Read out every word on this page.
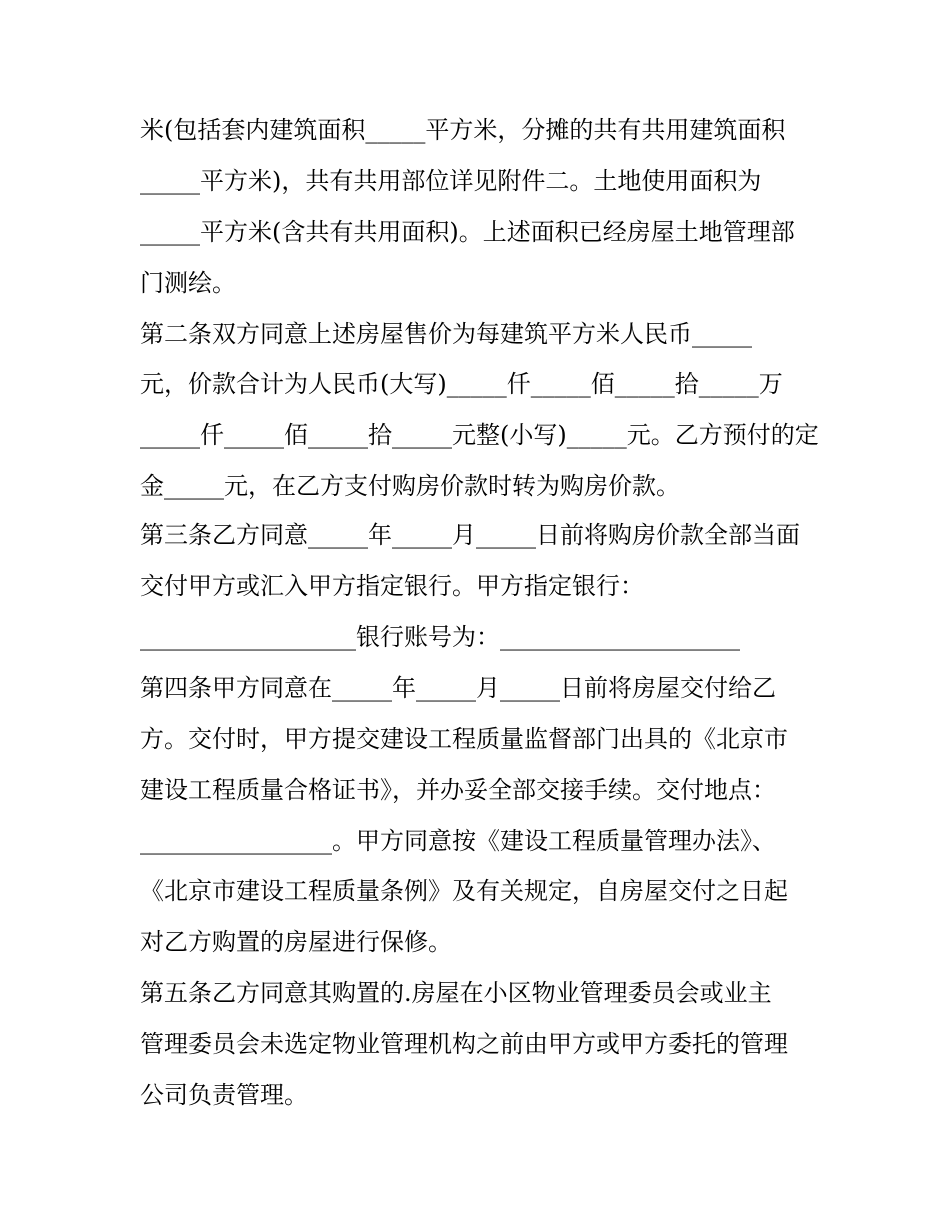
米(包括套内建筑面积_____平方米，分摊的共有共用建筑面积
_____平方米)，共有共用部位详见附件二。土地使用面积为
_____平方米(含共有共用面积)。上述面积已经房屋土地管理部
门测绘。
第二条双方同意上述房屋售价为每建筑平方米人民币_____
元，价款合计为人民币(大写)_____仟_____佰_____拾_____万
_____仟_____佰_____拾_____元整(小写)_____元。乙方预付的定
金_____元，在乙方支付购房价款时转为购房价款。
第三条乙方同意_____年_____月_____日前将购房价款全部当面
交付甲方或汇入甲方指定银行。甲方指定银行：
__________________银行账号为：____________________
第四条甲方同意在_____年_____月_____日前将房屋交付给乙
方。交付时，甲方提交建设工程质量监督部门出具的《北京市
建设工程质量合格证书》，并办妥全部交接手续。交付地点：
________________。甲方同意按《建设工程质量管理办法》、
《北京市建设工程质量条例》及有关规定，自房屋交付之日起
对乙方购置的房屋进行保修。
第五条乙方同意其购置的.房屋在小区物业管理委员会或业主
管理委员会未选定物业管理机构之前由甲方或甲方委托的管理
公司负责管理。
